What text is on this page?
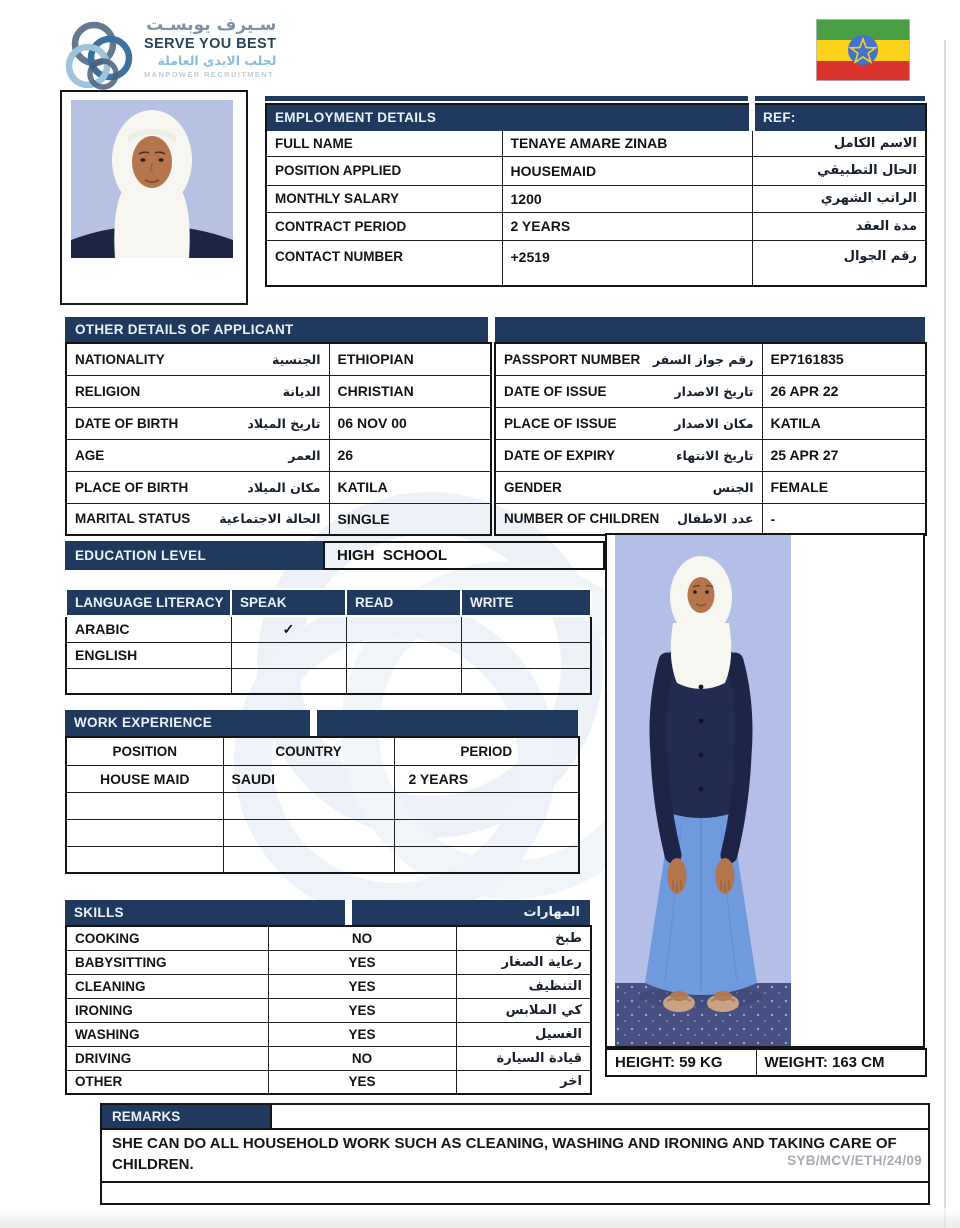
سـيرف يوبسـت
SERVE YOU BEST
لجلب الايدي العاملة
MANPOWER RECRUITMENT
EMPLOYMENT DETAILS		REF:
FULL NAME	TENAYE AMARE ZINAB	الاسم الكامل
POSITION APPLIED	HOUSEMAID	الحال التطبيقي
MONTHLY SALARY	1200	الراتب الشهري
CONTRACT PERIOD	2 YEARS	مدة العقد
CONTACT NUMBER	+2519	رقم الجوال
OTHER DETAILS OF APPLICANT
NATIONALITY الجنسية	ETHIOPIAN

RELIGION الديانة	CHRISTIAN

DATE OF BIRTH تاريخ الميلاد	06 NOV 00

AGE العمر	26

PLACE OF BIRTH مكان الميلاد	KATILA

MARITAL STATUS الحالة الاجتماعية	SINGLE
PASSPORT NUMBER رقم جواز السفر	EP7161835

DATE OF ISSUE تاريخ الاصدار	26 APR 22

PLACE OF ISSUE مكان الاصدار	KATILA

DATE OF EXPIRY تاريخ الانتهاء	25 APR 27

GENDER الجنس	FEMALE

NUMBER OF CHILDREN عدد الاطفال	-
EDUCATION LEVEL	HIGH  SCHOOL
LANGUAGE LITERACY	SPEAK	READ	WRITE
ARABIC	✓		
ENGLISH			

WORK EXPERIENCE
POSITION	COUNTRY	PERIOD
HOUSE MAID	SAUDI	2 YEARS

SKILLS	المهارات
COOKING	NO	طبخ
BABYSITTING	YES	رعاية الصغار
CLEANING	YES	التنظيف
IRONING	YES	كي الملابس
WASHING	YES	الغسيل
DRIVING	NO	قيادة السيارة
OTHER	YES	اخر
HEIGHT: 59 KG	WEIGHT: 163 CM
REMARKS
SHE CAN DO ALL HOUSEHOLD WORK SUCH AS CLEANING, WASHING AND IRONING AND TAKING CARE OF CHILDREN.	SYB/MCV/ETH/24/09
